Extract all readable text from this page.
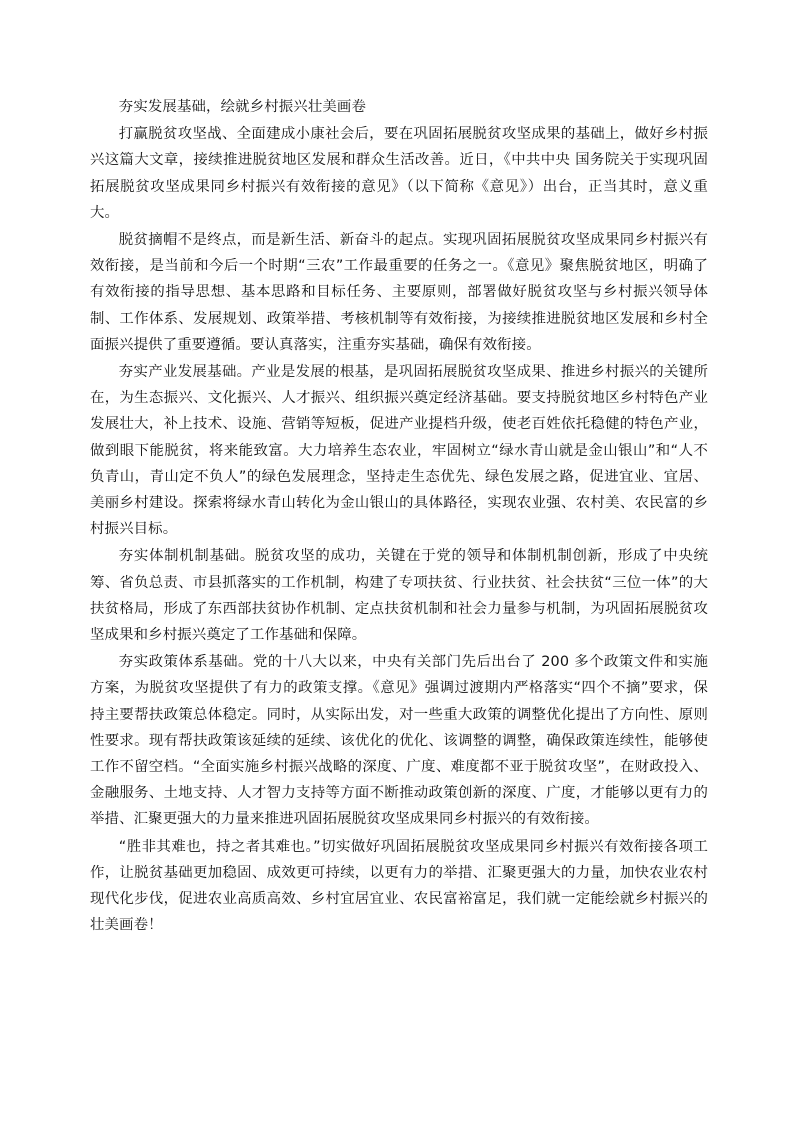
夯实发展基础，绘就乡村振兴壮美画卷

打赢脱贫攻坚战、全面建成小康社会后，要在巩固拓展脱贫攻坚成果的基础上，做好乡村振兴这篇大文章，接续推进脱贫地区发展和群众生活改善。近日，《中共中央 国务院关于实现巩固拓展脱贫攻坚成果同乡村振兴有效衔接的意见》（以下简称《意见》）出台，正当其时，意义重大。

脱贫摘帽不是终点，而是新生活、新奋斗的起点。实现巩固拓展脱贫攻坚成果同乡村振兴有效衔接，是当前和今后一个时期“三农”工作最重要的任务之一。《意见》聚焦脱贫地区，明确了有效衔接的指导思想、基本思路和目标任务、主要原则，部署做好脱贫攻坚与乡村振兴领导体制、工作体系、发展规划、政策举措、考核机制等有效衔接，为接续推进脱贫地区发展和乡村全面振兴提供了重要遵循。要认真落实，注重夯实基础，确保有效衔接。

夯实产业发展基础。产业是发展的根基，是巩固拓展脱贫攻坚成果、推进乡村振兴的关键所在，为生态振兴、文化振兴、人才振兴、组织振兴奠定经济基础。要支持脱贫地区乡村特色产业发展壮大，补上技术、设施、营销等短板，促进产业提档升级，使老百姓依托稳健的特色产业，做到眼下能脱贫，将来能致富。大力培养生态农业，牢固树立“绿水青山就是金山银山”和“人不负青山，青山定不负人”的绿色发展理念，坚持走生态优先、绿色发展之路，促进宜业、宜居、美丽乡村建设。探索将绿水青山转化为金山银山的具体路径，实现农业强、农村美、农民富的乡村振兴目标。

夯实体制机制基础。脱贫攻坚的成功，关键在于党的领导和体制机制创新，形成了中央统筹、省负总责、市县抓落实的工作机制，构建了专项扶贫、行业扶贫、社会扶贫“三位一体”的大扶贫格局，形成了东西部扶贫协作机制、定点扶贫机制和社会力量参与机制，为巩固拓展脱贫攻坚成果和乡村振兴奠定了工作基础和保障。

夯实政策体系基础。党的十八大以来，中央有关部门先后出台了 200 多个政策文件和实施方案，为脱贫攻坚提供了有力的政策支撑。《意见》强调过渡期内严格落实“四个不摘”要求，保持主要帮扶政策总体稳定。同时，从实际出发，对一些重大政策的调整优化提出了方向性、原则性要求。现有帮扶政策该延续的延续、该优化的优化、该调整的调整，确保政策连续性，能够使工作不留空档。“全面实施乡村振兴战略的深度、广度、难度都不亚于脱贫攻坚”，在财政投入、金融服务、土地支持、人才智力支持等方面不断推动政策创新的深度、广度，才能够以更有力的举措、汇聚更强大的力量来推进巩固拓展脱贫攻坚成果同乡村振兴的有效衔接。

“胜非其难也，持之者其难也。”切实做好巩固拓展脱贫攻坚成果同乡村振兴有效衔接各项工作，让脱贫基础更加稳固、成效更可持续，以更有力的举措、汇聚更强大的力量，加快农业农村现代化步伐，促进农业高质高效、乡村宜居宜业、农民富裕富足，我们就一定能绘就乡村振兴的壮美画卷！
